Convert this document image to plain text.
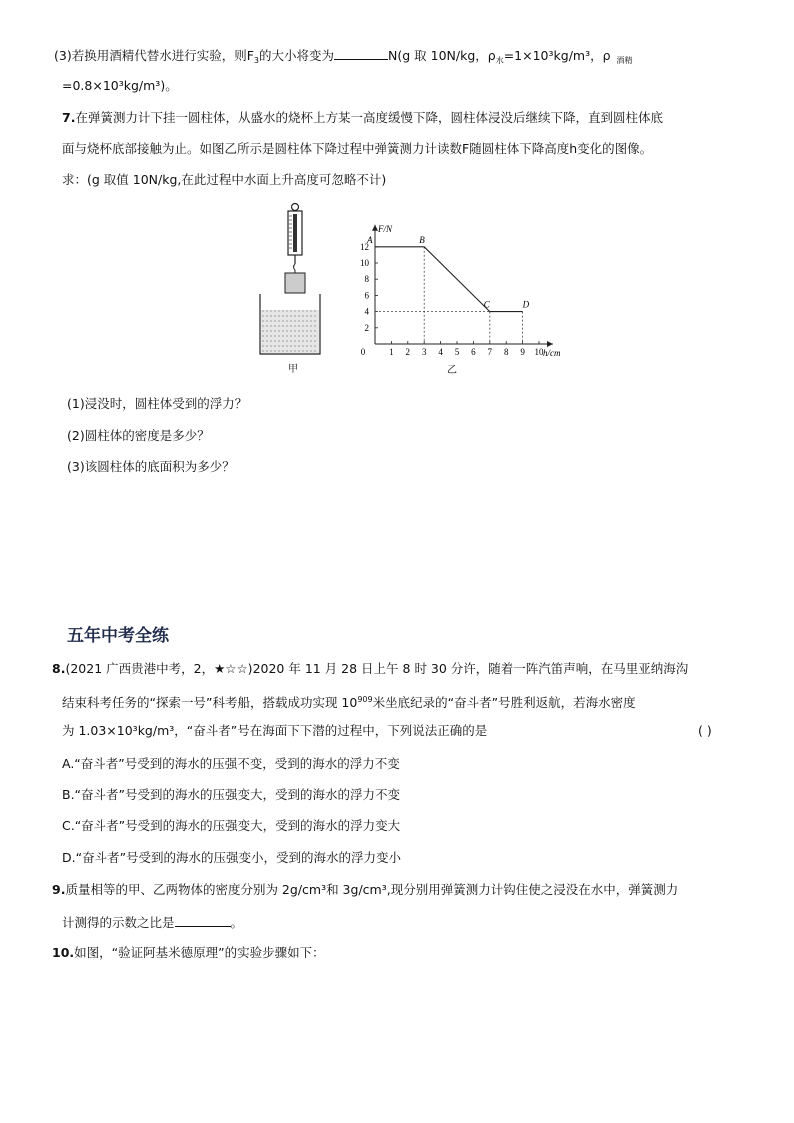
(3)若换用酒精代替水进行实验，则$F_3$的大小将变为	N(g 取 10N/kg，$\rho_水=1\times 10^3kg/m^3$，ρ $_{酒精}$
=0.8×10³kg/m³)。
7.在弹簧测力计下挂一圆柱体，从盛水的烧杯上方某一高度缓慢下降，圆柱体浸没后继续下降，直到圆柱体底
面与烧杯底部接触为止。如图乙所示是圆柱体下降过程中弹簧测力计读数F随圆柱体下降高度h变化的图像。
求：(g 取值 10N/kg,在此过程中水面上升高度可忽略不计)
甲
h/cm
F/N
0	1 2 3 4 5 6 7 8 9 10
2
4
6
8
10
12
A	B
C	D
乙
(1)浸没时，圆柱体受到的浮力？
(2)圆柱体的密度是多少？
(3)该圆柱体的底面积为多少？
五年中考全练
8.(2021 广西贵港中考，2，★☆☆)2020 年 11 月 28 日上午 8 时 30 分许，随着一阵汽笛声响，在马里亚纳海沟
结束科考任务的“探索一号”科考船，搭载成功实现 $10^{909}$米坐底纪录的“奋斗者”号胜利返航，若海水密度
为 1.03×10³kg/m³，“奋斗者”号在海面下下潜的过程中，下列说法正确的是	( )
A.“奋斗者”号受到的海水的压强不变，受到的海水的浮力不变
B.“奋斗者”号受到的海水的压强变大，受到的海水的浮力不变
C.“奋斗者”号受到的海水的压强变大，受到的海水的浮力变大
D.“奋斗者”号受到的海水的压强变小，受到的海水的浮力变小
9.质量相等的甲、乙两物体的密度分别为 2g/cm³和 3g/cm³,现分别用弹簧测力计钩住使之浸没在水中，弹簧测力
计测得的示数之比是	。
10.如图，“验证阿基米德原理”的实验步骤如下：
